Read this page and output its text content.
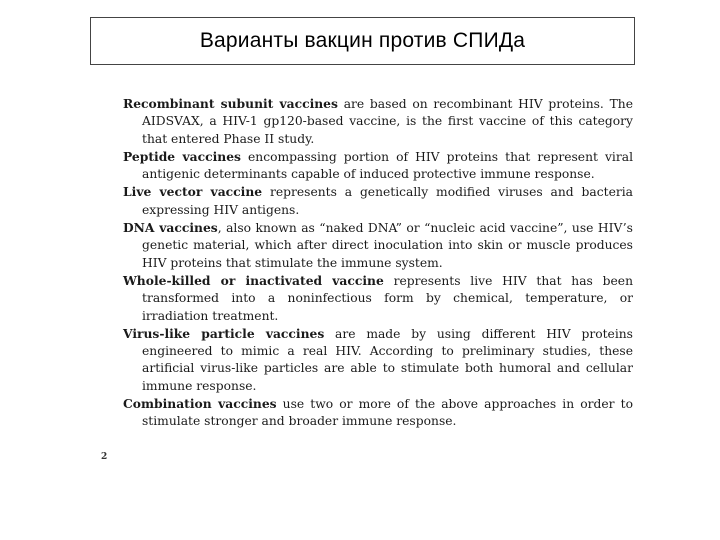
Варианты вакцин против СПИДа

Recombinant subunit vaccines are based on recombinant HIV proteins. The AIDSVAX, a HIV-1 gp120-based vaccine, is the first vaccine of this category that entered Phase II study.

Peptide vaccines encompassing portion of HIV proteins that represent viral antigenic determinants capable of induced protective immune response.

Live vector vaccine represents a genetically modified viruses and bacteria expressing HIV antigens.

DNA vaccines, also known as “naked DNA” or “nucleic acid vaccine”, use HIV’s genetic material, which after direct inoculation into skin or muscle produces HIV proteins that stimulate the immune system.

Whole-killed or inactivated vaccine represents live HIV that has been transformed into a noninfectious form by chemical, temperature, or irradiation treatment.

Virus-like particle vaccines are made by using different HIV proteins engineered to mimic a real HIV. According to preliminary studies, these artificial virus-like particles are able to stimulate both humoral and cellular immune response.

Combination vaccines use two or more of the above approaches in order to stimulate stronger and broader immune response.

2
